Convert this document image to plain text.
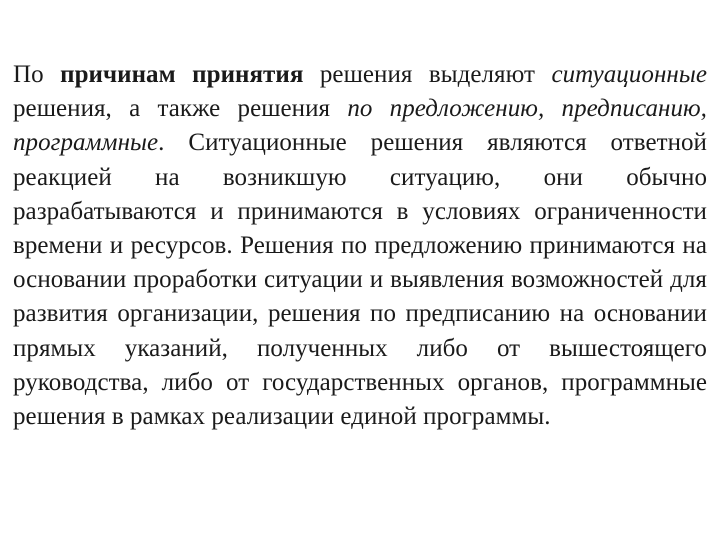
По причинам принятия решения выделяют ситуационные решения, а также решения по предложению, предписанию, программные. Ситуационные решения являются ответной реакцией на возникшую ситуацию, они обычно разрабатываются и принимаются в условиях ограниченности времени и ресурсов. Решения по предложению принимаются на основании проработки ситуации и выявления возможностей для развития организации, решения по предписанию на основании прямых указаний, полученных либо от вышестоящего руководства, либо от государственных органов, программные решения в рамках реализации единой программы.
